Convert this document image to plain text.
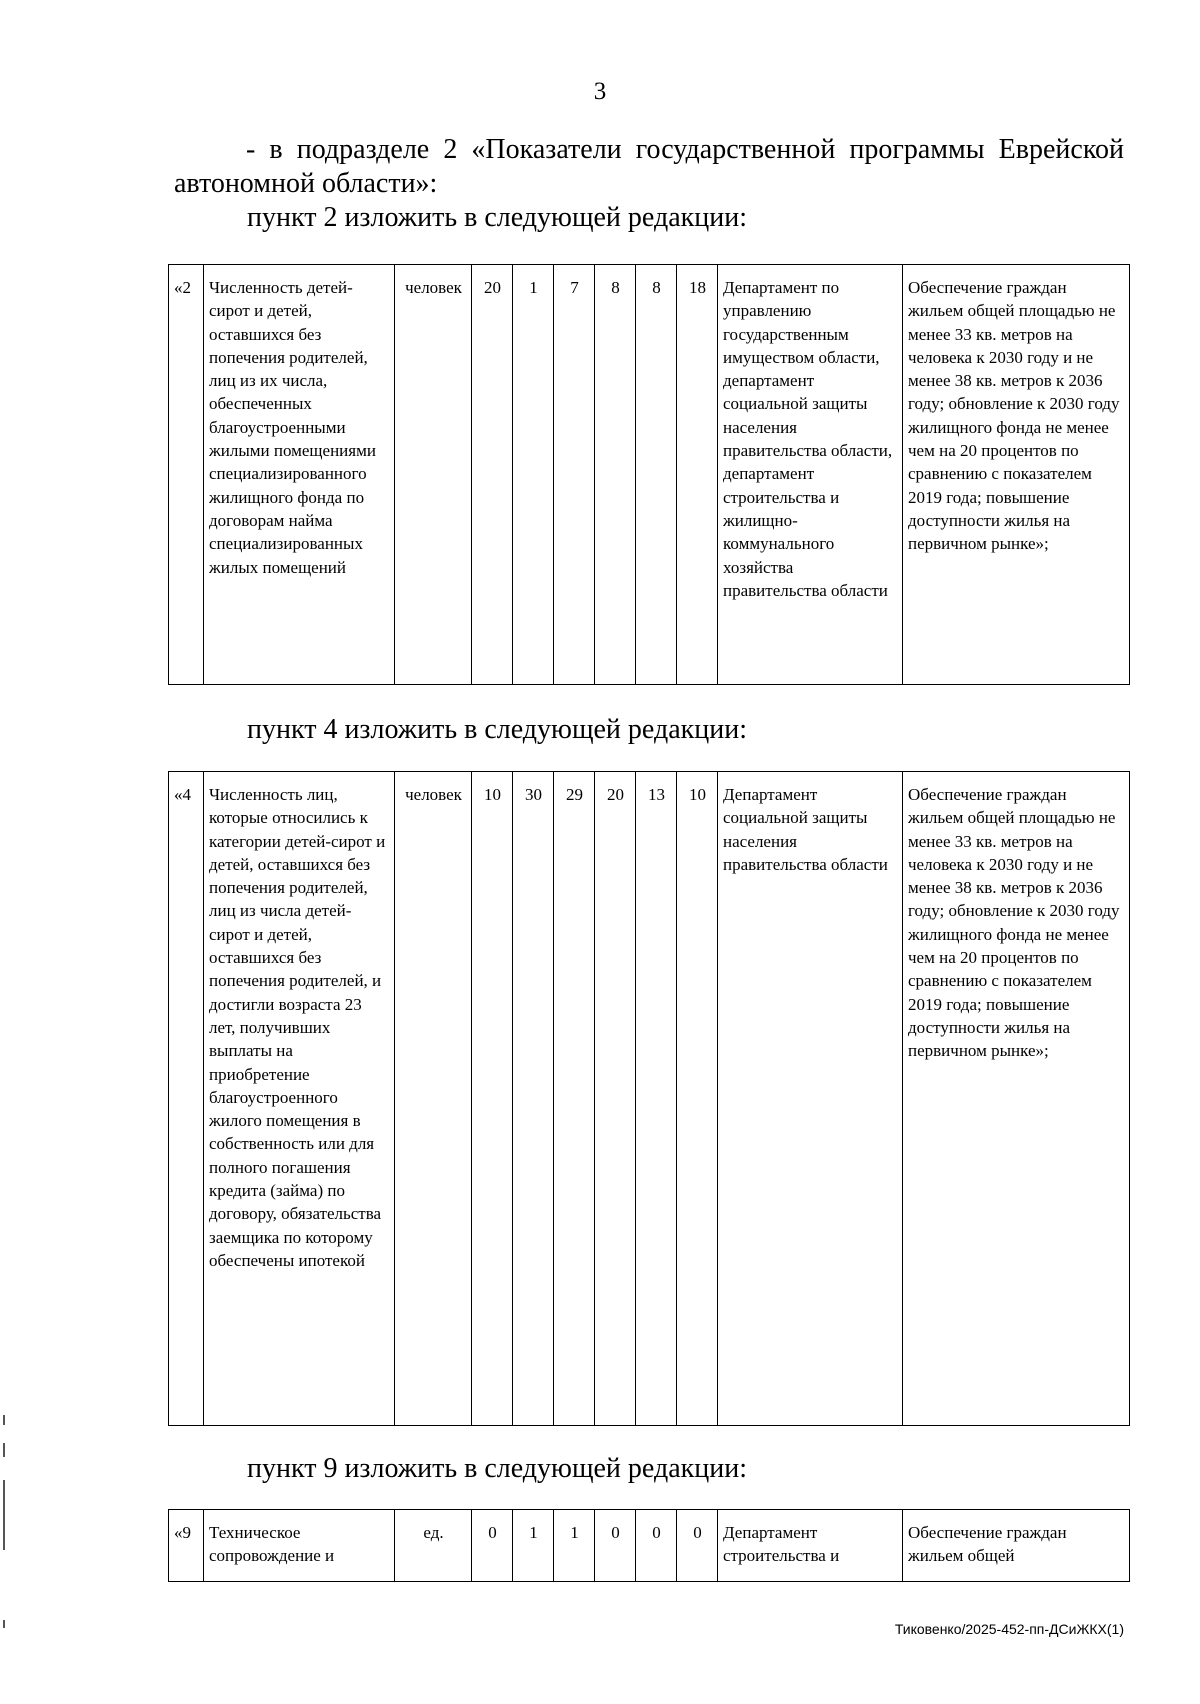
3

- в подразделе 2 «Показатели государственной программы Еврейской автономной области»:

пункт 2 изложить в следующей редакции:
«2	Численность детей-сирот и детей, оставшихся без попечения родителей, лиц из их числа, обеспеченных благоустроенными жилыми помещениями специализированного жилищного фонда по договорам найма специализированных жилых помещений	человек	20	1	7	8	8	18	Департамент по управлению государственным имуществом области, департамент социальной защиты населения правительства области, департамент строительства и жилищно-коммунального хозяйства правительства области	Обеспечение граждан жильем общей площадью не менее 33 кв. метров на человека к 2030 году и не менее 38 кв. метров к 2036 году; обновление к 2030 году жилищного фонда не менее чем на 20 процентов по сравнению с показателем 2019 года; повышение доступности жилья на первичном рынке»;
пункт 4 изложить в следующей редакции:
«4	Численность лиц, которые относились к категории детей-сирот и детей, оставшихся без попечения родителей, лиц из числа детей-сирот и детей, оставшихся без попечения родителей, и достигли возраста 23 лет, получивших выплаты на приобретение благоустроенного жилого помещения в собственность или для полного погашения кредита (займа) по договору, обязательства заемщика по которому обеспечены ипотекой	человек	10	30	29	20	13	10	Департамент социальной защиты населения правительства области	Обеспечение граждан жильем общей площадью не менее 33 кв. метров на человека к 2030 году и не менее 38 кв. метров к 2036 году; обновление к 2030 году жилищного фонда не менее чем на 20 процентов по сравнению с показателем 2019 года; повышение доступности жилья на первичном рынке»;
пункт 9 изложить в следующей редакции:
«9	Техническое сопровождение и	ед.	0	1	1	0	0	0	Департамент строительства и	Обеспечение граждан жильем общей
Тиковенко/2025-452-пп-ДСиЖКХ(1)
